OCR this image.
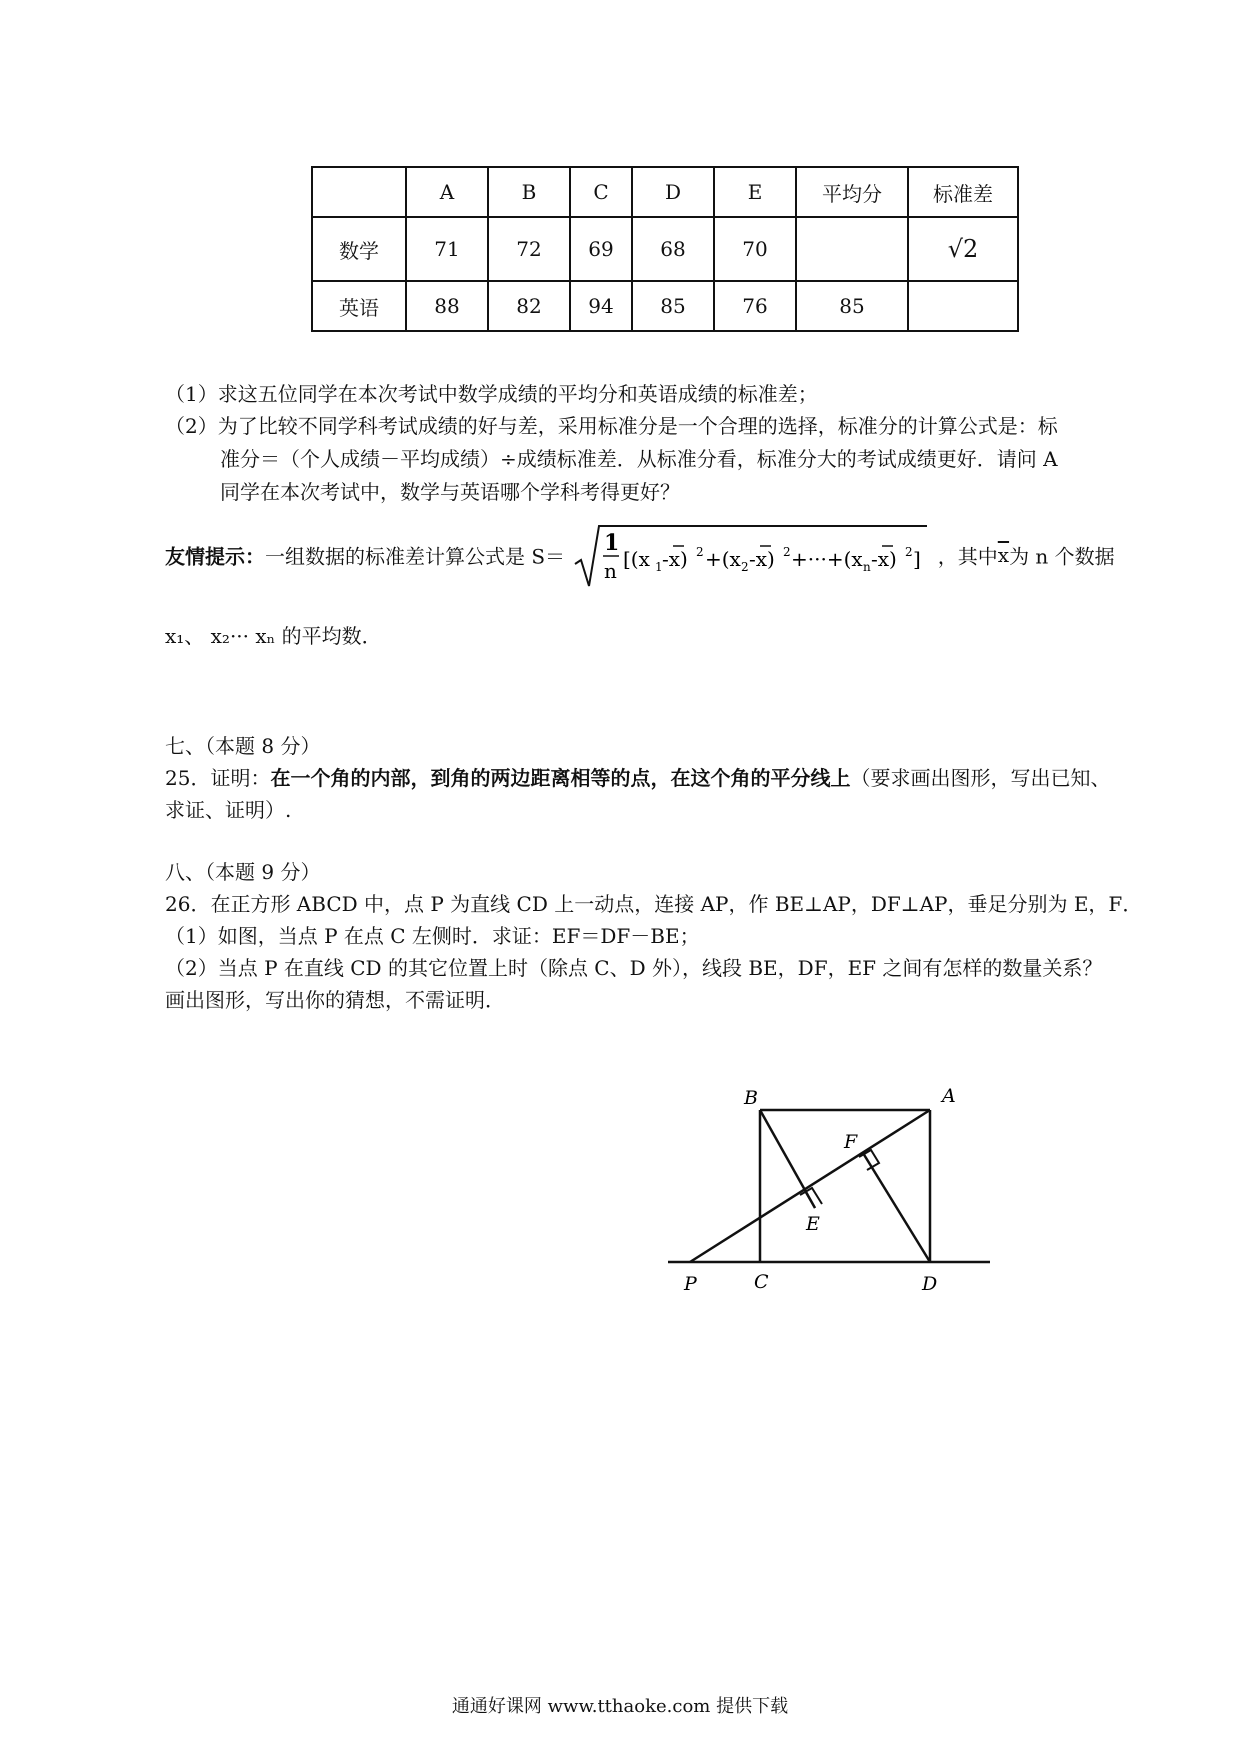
	A	B	C	D	E	平均分	标准差
数学	71	72	69	68	70		√2
英语	88	82	94	85	76	85	
（1）求这五位同学在本次考试中数学成绩的平均分和英语成绩的标准差；
（2）为了比较不同学科考试成绩的好与差，采用标准分是一个合理的选择，标准分的计算公式是：标
准分＝（个人成绩－平均成绩）÷成绩标准差．从标准分看，标准分大的考试成绩更好．请问 A
同学在本次考试中，数学与英语哪个学科考得更好？
友情提示：一组数据的标准差计算公式是 S＝
1
n [(x 1 -x) 2 +(x 2 -x) 2 +···+(x n -x) 2 ] ，其中$\overline{x}$为 n 个数据
x₁、 x₂··· xₙ 的平均数．
七、（本题 8 分）
25．证明：在一个角的内部，到角的两边距离相等的点，在这个角的平分线上（要求画出图形，写出已知、
求证、证明）.
八、（本题 9 分）
26．在正方形 ABCD 中，点 P 为直线 CD 上一动点，连接 AP，作 BE⊥AP，DF⊥AP，垂足分别为 E，F．
（1）如图，当点 P 在点 C 左侧时．求证：EF＝DF－BE；
（2）当点 P 在直线 CD 的其它位置上时（除点 C、D 外），线段 BE，DF，EF 之间有怎样的数量关系？
画出图形，写出你的猜想，不需证明．
B	A
F
E
P	C	D
通通好课网 www.tthaoke.com 提供下载
